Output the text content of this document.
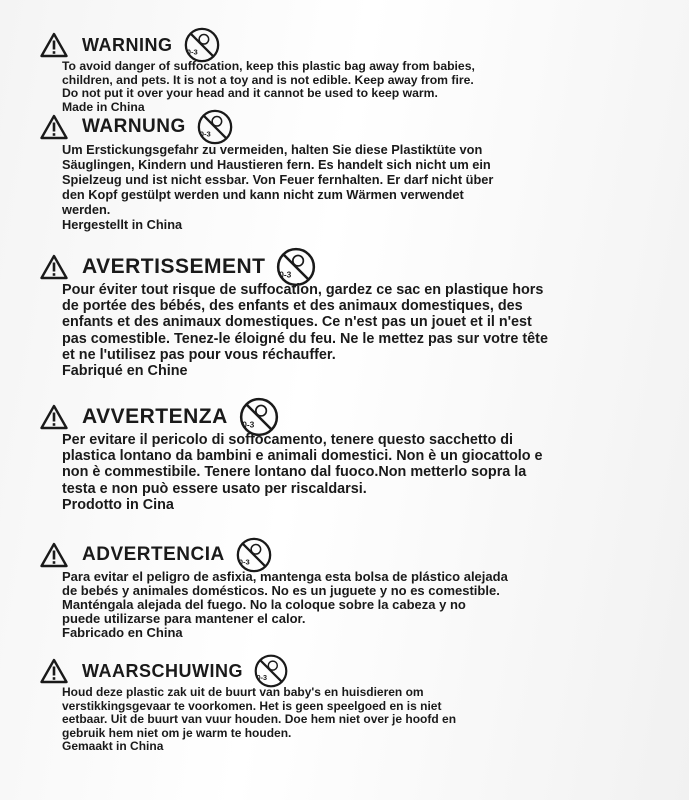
WARNING 0-3
To avoid danger of suffocation, keep this plastic bag away from babies,
children, and pets. It is not a toy and is not edible. Keep away from fire.
Do not put it over your head and it cannot be used to keep warm.
Made in China
WARNUNG 0-3
Um Erstickungsgefahr zu vermeiden, halten Sie diese Plastiktüte von
Säuglingen, Kindern und Haustieren fern. Es handelt sich nicht um ein
Spielzeug und ist nicht essbar. Von Feuer fernhalten. Er darf nicht über
den Kopf gestülpt werden und kann nicht zum Wärmen verwendet
werden.
Hergestellt in China
AVERTISSEMENT 0-3
Pour éviter tout risque de suffocation, gardez ce sac en plastique hors
de portée des bébés, des enfants et des animaux domestiques, des
enfants et des animaux domestiques. Ce n'est pas un jouet et il n'est
pas comestible. Tenez-le éloigné du feu. Ne le mettez pas sur votre tête
et ne l'utilisez pas pour vous réchauffer.
Fabriqué en Chine
AVVERTENZA 0-3
Per evitare il pericolo di soffocamento, tenere questo sacchetto di
plastica lontano da bambini e animali domestici. Non è un giocattolo e
non è commestibile. Tenere lontano dal fuoco.Non metterlo sopra la
testa e non può essere usato per riscaldarsi.
Prodotto in Cina
ADVERTENCIA 0-3
Para evitar el peligro de asfixia, mantenga esta bolsa de plástico alejada
de bebés y animales domésticos. No es un juguete y no es comestible.
Manténgala alejada del fuego. No la coloque sobre la cabeza y no
puede utilizarse para mantener el calor.
Fabricado en China
WAARSCHUWING 0-3
Houd deze plastic zak uit de buurt van baby's en huisdieren om
verstikkingsgevaar te voorkomen. Het is geen speelgoed en is niet
eetbaar. Uit de buurt van vuur houden. Doe hem niet over je hoofd en
gebruik hem niet om je warm te houden.
Gemaakt in China
